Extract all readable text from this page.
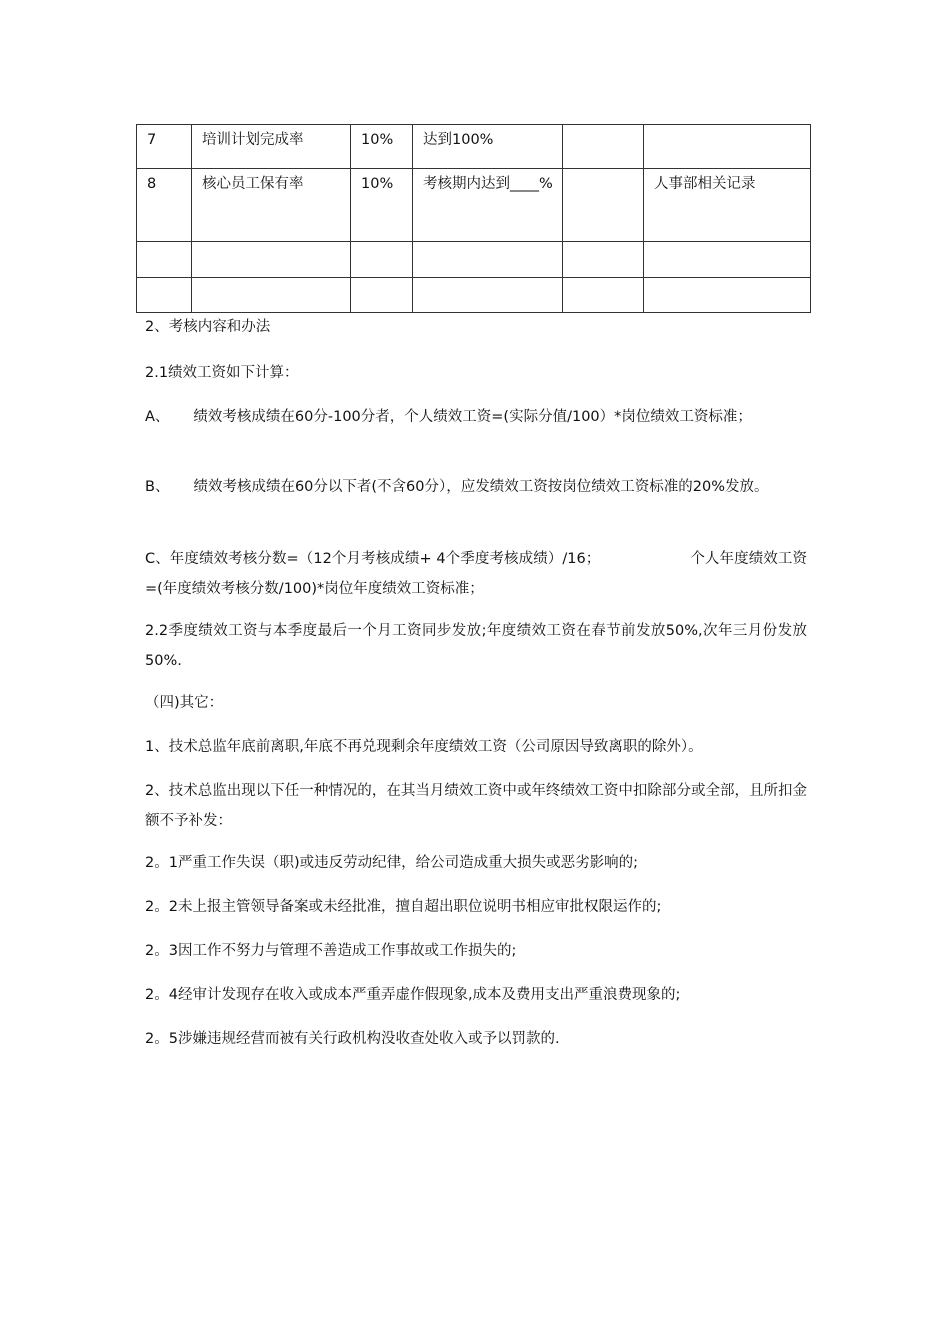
7	培训计划完成率	10%	达到100%		
8	核心员工保有率	10%	考核期内达到____%		人事部相关记录

2、考核内容和办法

2.1绩效工资如下计算：

A、 绩效考核成绩在60分-100分者，个人绩效工资=(实际分值/100）*岗位绩效工资标准；

B、 绩效考核成绩在60分以下者(不含60分），应发绩效工资按岗位绩效工资标准的20%发放。

C、年度绩效考核分数=（12个月考核成绩+ 4个季度考核成绩）/16；	个人年度绩效工资=(年度绩效考核分数/100)*岗位年度绩效工资标准；

2.2季度绩效工资与本季度最后一个月工资同步发放;年度绩效工资在春节前发放50%,次年三月份发放50%.

（四)其它：

1、技术总监年底前离职,年底不再兑现剩余年度绩效工资（公司原因导致离职的除外）。

2、技术总监出现以下任一种情况的，在其当月绩效工资中或年终绩效工资中扣除部分或全部，且所扣金额不予补发：

2。1严重工作失误（职)或违反劳动纪律，给公司造成重大损失或恶劣影响的;

2。2未上报主管领导备案或未经批准，擅自超出职位说明书相应审批权限运作的;

2。3因工作不努力与管理不善造成工作事故或工作损失的;

2。4经审计发现存在收入或成本严重弄虚作假现象,成本及费用支出严重浪费现象的;

2。5涉嫌违规经营而被有关行政机构没收查处收入或予以罚款的.
